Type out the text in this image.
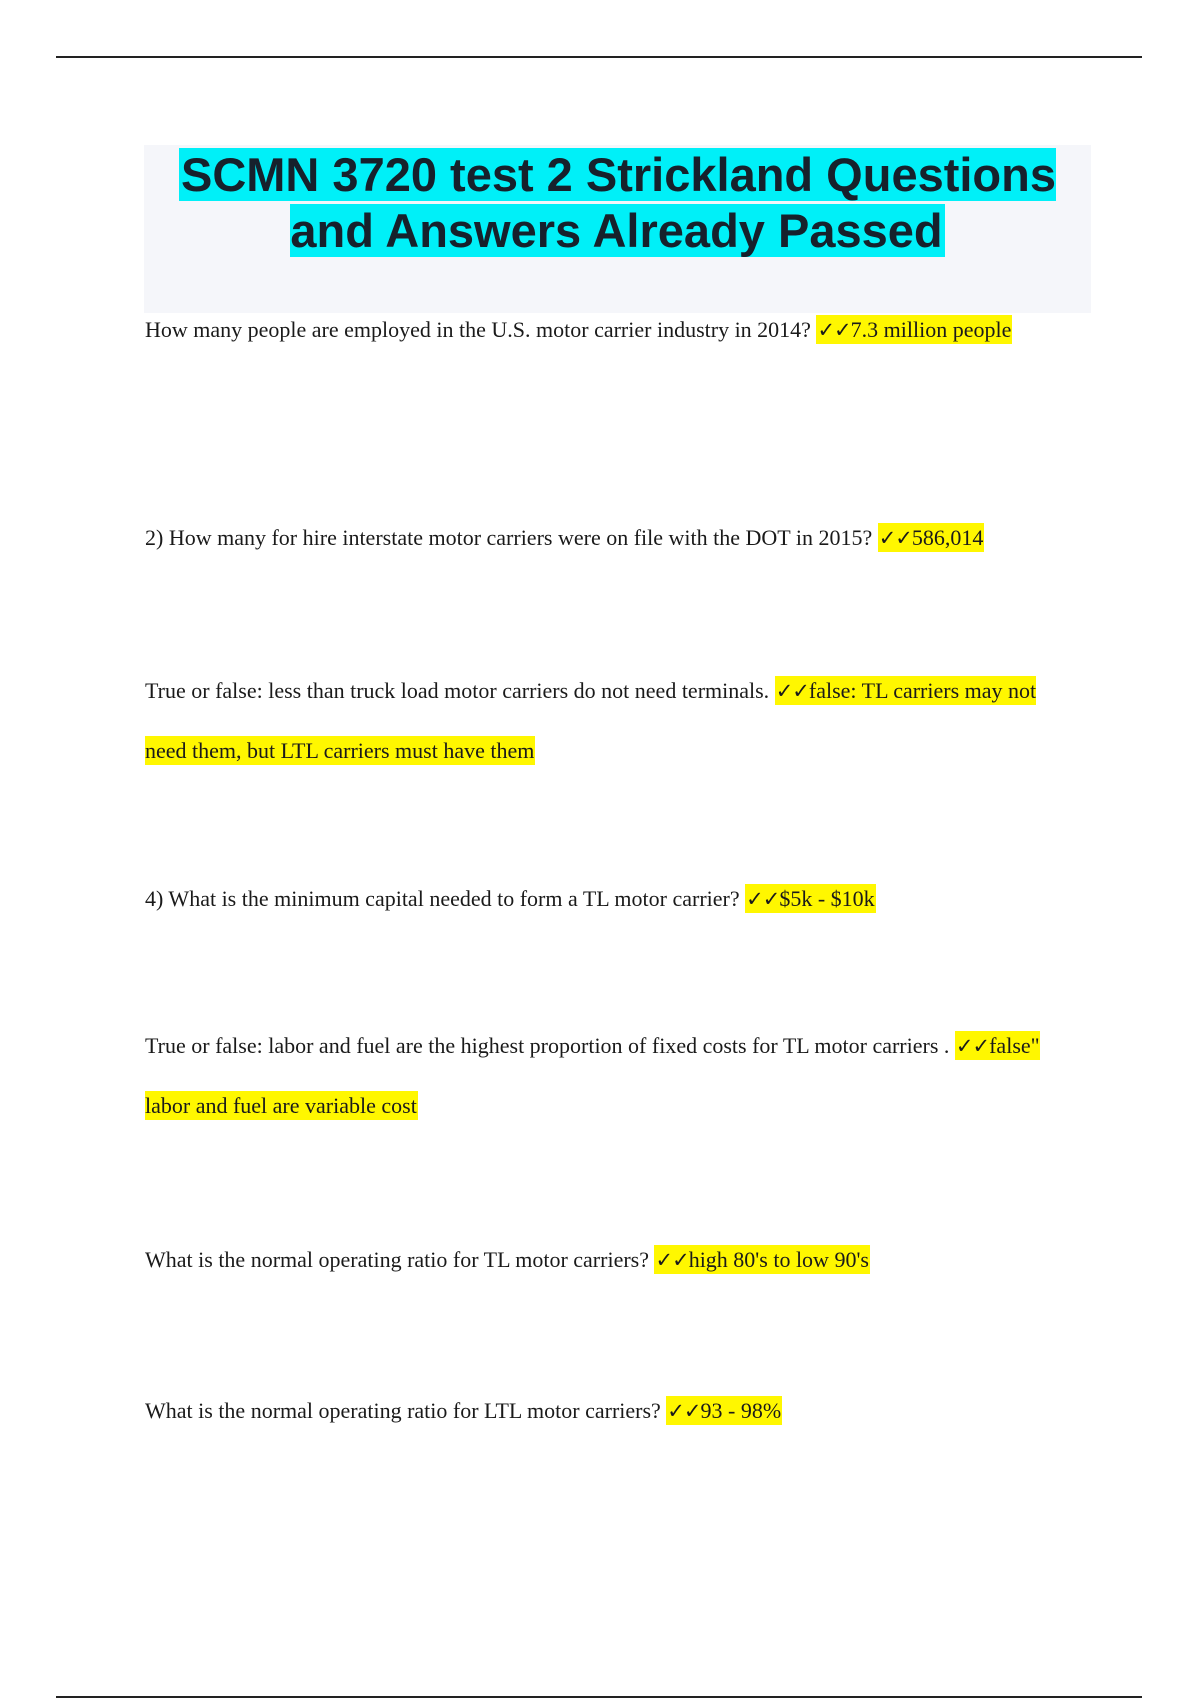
SCMN 3720 test 2 Strickland Questions and Answers Already Passed

How many people are employed in the U.S. motor carrier industry in 2014? ✓✓7.3 million people

2) How many for hire interstate motor carriers were on file with the DOT in 2015? ✓✓586,014

True or false: less than truck load motor carriers do not need terminals. ✓✓false: TL carriers may not need them, but LTL carriers must have them

4) What is the minimum capital needed to form a TL motor carrier? ✓✓$5k - $10k

True or false: labor and fuel are the highest proportion of fixed costs for TL motor carriers . ✓✓false" labor and fuel are variable cost

What is the normal operating ratio for TL motor carriers? ✓✓high 80's to low 90's

What is the normal operating ratio for LTL motor carriers? ✓✓93 - 98%
